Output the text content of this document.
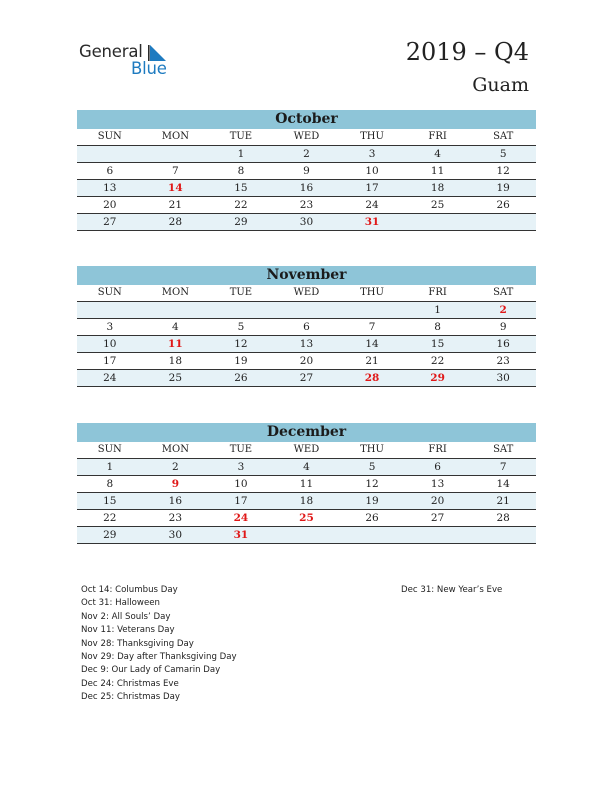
General
Blue
2019 – Q4
Guam
October
SUN	MON	TUE	WED	THU	FRI	SAT
		1	2	3	4	5
6	7	8	9	10	11	12
13	14	15	16	17	18	19
20	21	22	23	24	25	26
27	28	29	30	31		
November
SUN	MON	TUE	WED	THU	FRI	SAT
					1	2
3	4	5	6	7	8	9
10	11	12	13	14	15	16
17	18	19	20	21	22	23
24	25	26	27	28	29	30
December
SUN	MON	TUE	WED	THU	FRI	SAT
1	2	3	4	5	6	7
8	9	10	11	12	13	14
15	16	17	18	19	20	21
22	23	24	25	26	27	28
29	30	31				
Oct 14: Columbus Day
Oct 31: Halloween
Nov 2: All Souls’ Day
Nov 11: Veterans Day
Nov 28: Thanksgiving Day
Nov 29: Day after Thanksgiving Day
Dec 9: Our Lady of Camarin Day
Dec 24: Christmas Eve
Dec 25: Christmas Day
Dec 31: New Year’s Eve
